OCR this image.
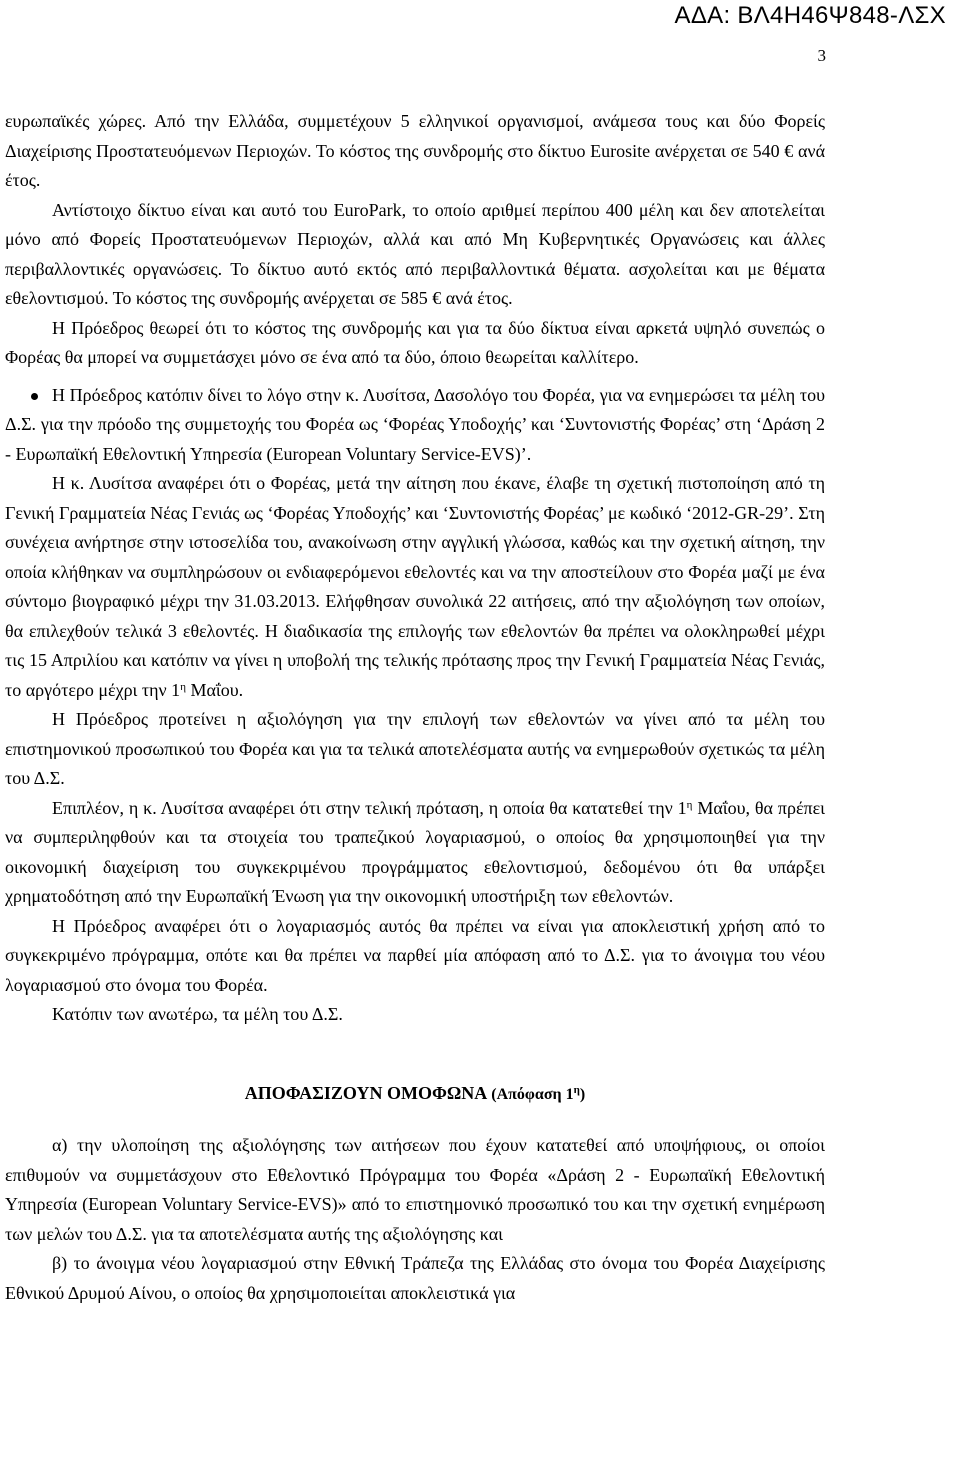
ΑΔΑ: ΒΛ4Η46Ψ848-ΛΣΧ
3

ευρωπαϊκές χώρες. Από την Ελλάδα, συμμετέχουν 5 ελληνικοί οργανισμοί, ανάμεσα τους και δύο Φορείς Διαχείρισης Προστατευόμενων Περιοχών. Το κόστος της συνδρομής στο δίκτυο Eurosite ανέρχεται σε 540 € ανά έτος.

Αντίστοιχο δίκτυο είναι και αυτό του EuroPark, το οποίο αριθμεί περίπου 400 μέλη και δεν αποτελείται μόνο από Φορείς Προστατευόμενων Περιοχών, αλλά και από Μη Κυβερνητικές Οργανώσεις και άλλες περιβαλλοντικές οργανώσεις. Το δίκτυο αυτό εκτός από περιβαλλοντικά θέματα. ασχολείται και με θέματα εθελοντισμού. Το κόστος της συνδρομής ανέρχεται σε 585 € ανά έτος.

Η Πρόεδρος θεωρεί ότι το κόστος της συνδρομής και για τα δύο δίκτυα είναι αρκετά υψηλό συνεπώς ο Φορέας θα μπορεί να συμμετάσχει μόνο σε ένα από τα δύο, όποιο θεωρείται καλλίτερο.

Η Πρόεδρος κατόπιν δίνει το λόγο στην κ. Λυσίτσα, Δασολόγο του Φορέα, για να ενημερώσει τα μέλη του Δ.Σ. για την πρόοδο της συμμετοχής του Φορέα ως ‘Φορέας Υποδοχής’ και ‘Συντονιστής Φορέας’ στη ‘Δράση 2 - Ευρωπαϊκή Εθελοντική Υπηρεσία (European Voluntary Service-EVS)’.

Η κ. Λυσίτσα αναφέρει ότι ο Φορέας, μετά την αίτηση που έκανε, έλαβε τη σχετική πιστοποίηση από τη Γενική Γραμματεία Νέας Γενιάς ως ‘Φορέας Υποδοχής’ και ‘Συντονιστής Φορέας’ με κωδικό ‘2012-GR-29’. Στη συνέχεια ανήρτησε στην ιστοσελίδα του, ανακοίνωση στην αγγλική γλώσσα, καθώς και την σχετική αίτηση, την οποία κλήθηκαν να συμπληρώσουν οι ενδιαφερόμενοι εθελοντές και να την αποστείλουν στο Φορέα μαζί με ένα σύντομο βιογραφικό μέχρι την 31.03.2013. Ελήφθησαν συνολικά 22 αιτήσεις, από την αξιολόγηση των οποίων, θα επιλεχθούν τελικά 3 εθελοντές. Η διαδικασία της επιλογής των εθελοντών θα πρέπει να ολοκληρωθεί μέχρι τις 15 Απριλίου και κατόπιν να γίνει η υποβολή της τελικής πρότασης προς την Γενική Γραμματεία Νέας Γενιάς, το αργότερο μέχρι την $1^\eta$ Μαΐου.

Η Πρόεδρος προτείνει η αξιολόγηση για την επιλογή των εθελοντών να γίνει από τα μέλη του επιστημονικού προσωπικού του Φορέα και για τα τελικά αποτελέσματα αυτής να ενημερωθούν σχετικώς τα μέλη του Δ.Σ.

Επιπλέον, η κ. Λυσίτσα αναφέρει ότι στην τελική πρόταση, η οποία θα κατατεθεί την $1^\eta$ Μαΐου, θα πρέπει να συμπεριληφθούν και τα στοιχεία του τραπεζικού λογαριασμού, ο οποίος θα χρησιμοποιηθεί για την οικονομική διαχείριση του συγκεκριμένου προγράμματος εθελοντισμού, δεδομένου ότι θα υπάρξει χρηματοδότηση από την Ευρωπαϊκή Ένωση για την οικονομική υποστήριξη των εθελοντών.

Η Πρόεδρος αναφέρει ότι ο λογαριασμός αυτός θα πρέπει να είναι για αποκλειστική χρήση από το συγκεκριμένο πρόγραμμα, οπότε και θα πρέπει να παρθεί μία απόφαση από το Δ.Σ. για το άνοιγμα του νέου λογαριασμού στο όνομα του Φορέα.

Κατόπιν των ανωτέρω, τα μέλη του Δ.Σ.

ΑΠΟΦΑΣΙΖΟΥΝ ΟΜΟΦΩΝΑ (Απόφαση $1^\eta$)

α) την υλοποίηση της αξιολόγησης των αιτήσεων που έχουν κατατεθεί από υποψήφιους, οι οποίοι επιθυμούν να συμμετάσχουν στο Εθελοντικό Πρόγραμμα του Φορέα «Δράση 2 - Ευρωπαϊκή Εθελοντική Υπηρεσία (European Voluntary Service-EVS)» από το επιστημονικό προσωπικό του και την σχετική ενημέρωση των μελών του Δ.Σ. για τα αποτελέσματα αυτής της αξιολόγησης και

β) το άνοιγμα νέου λογαριασμού στην Εθνική Τράπεζα της Ελλάδας στο όνομα του Φορέα Διαχείρισης Εθνικού Δρυμού Αίνου, ο οποίος θα χρησιμοποιείται αποκλειστικά για
